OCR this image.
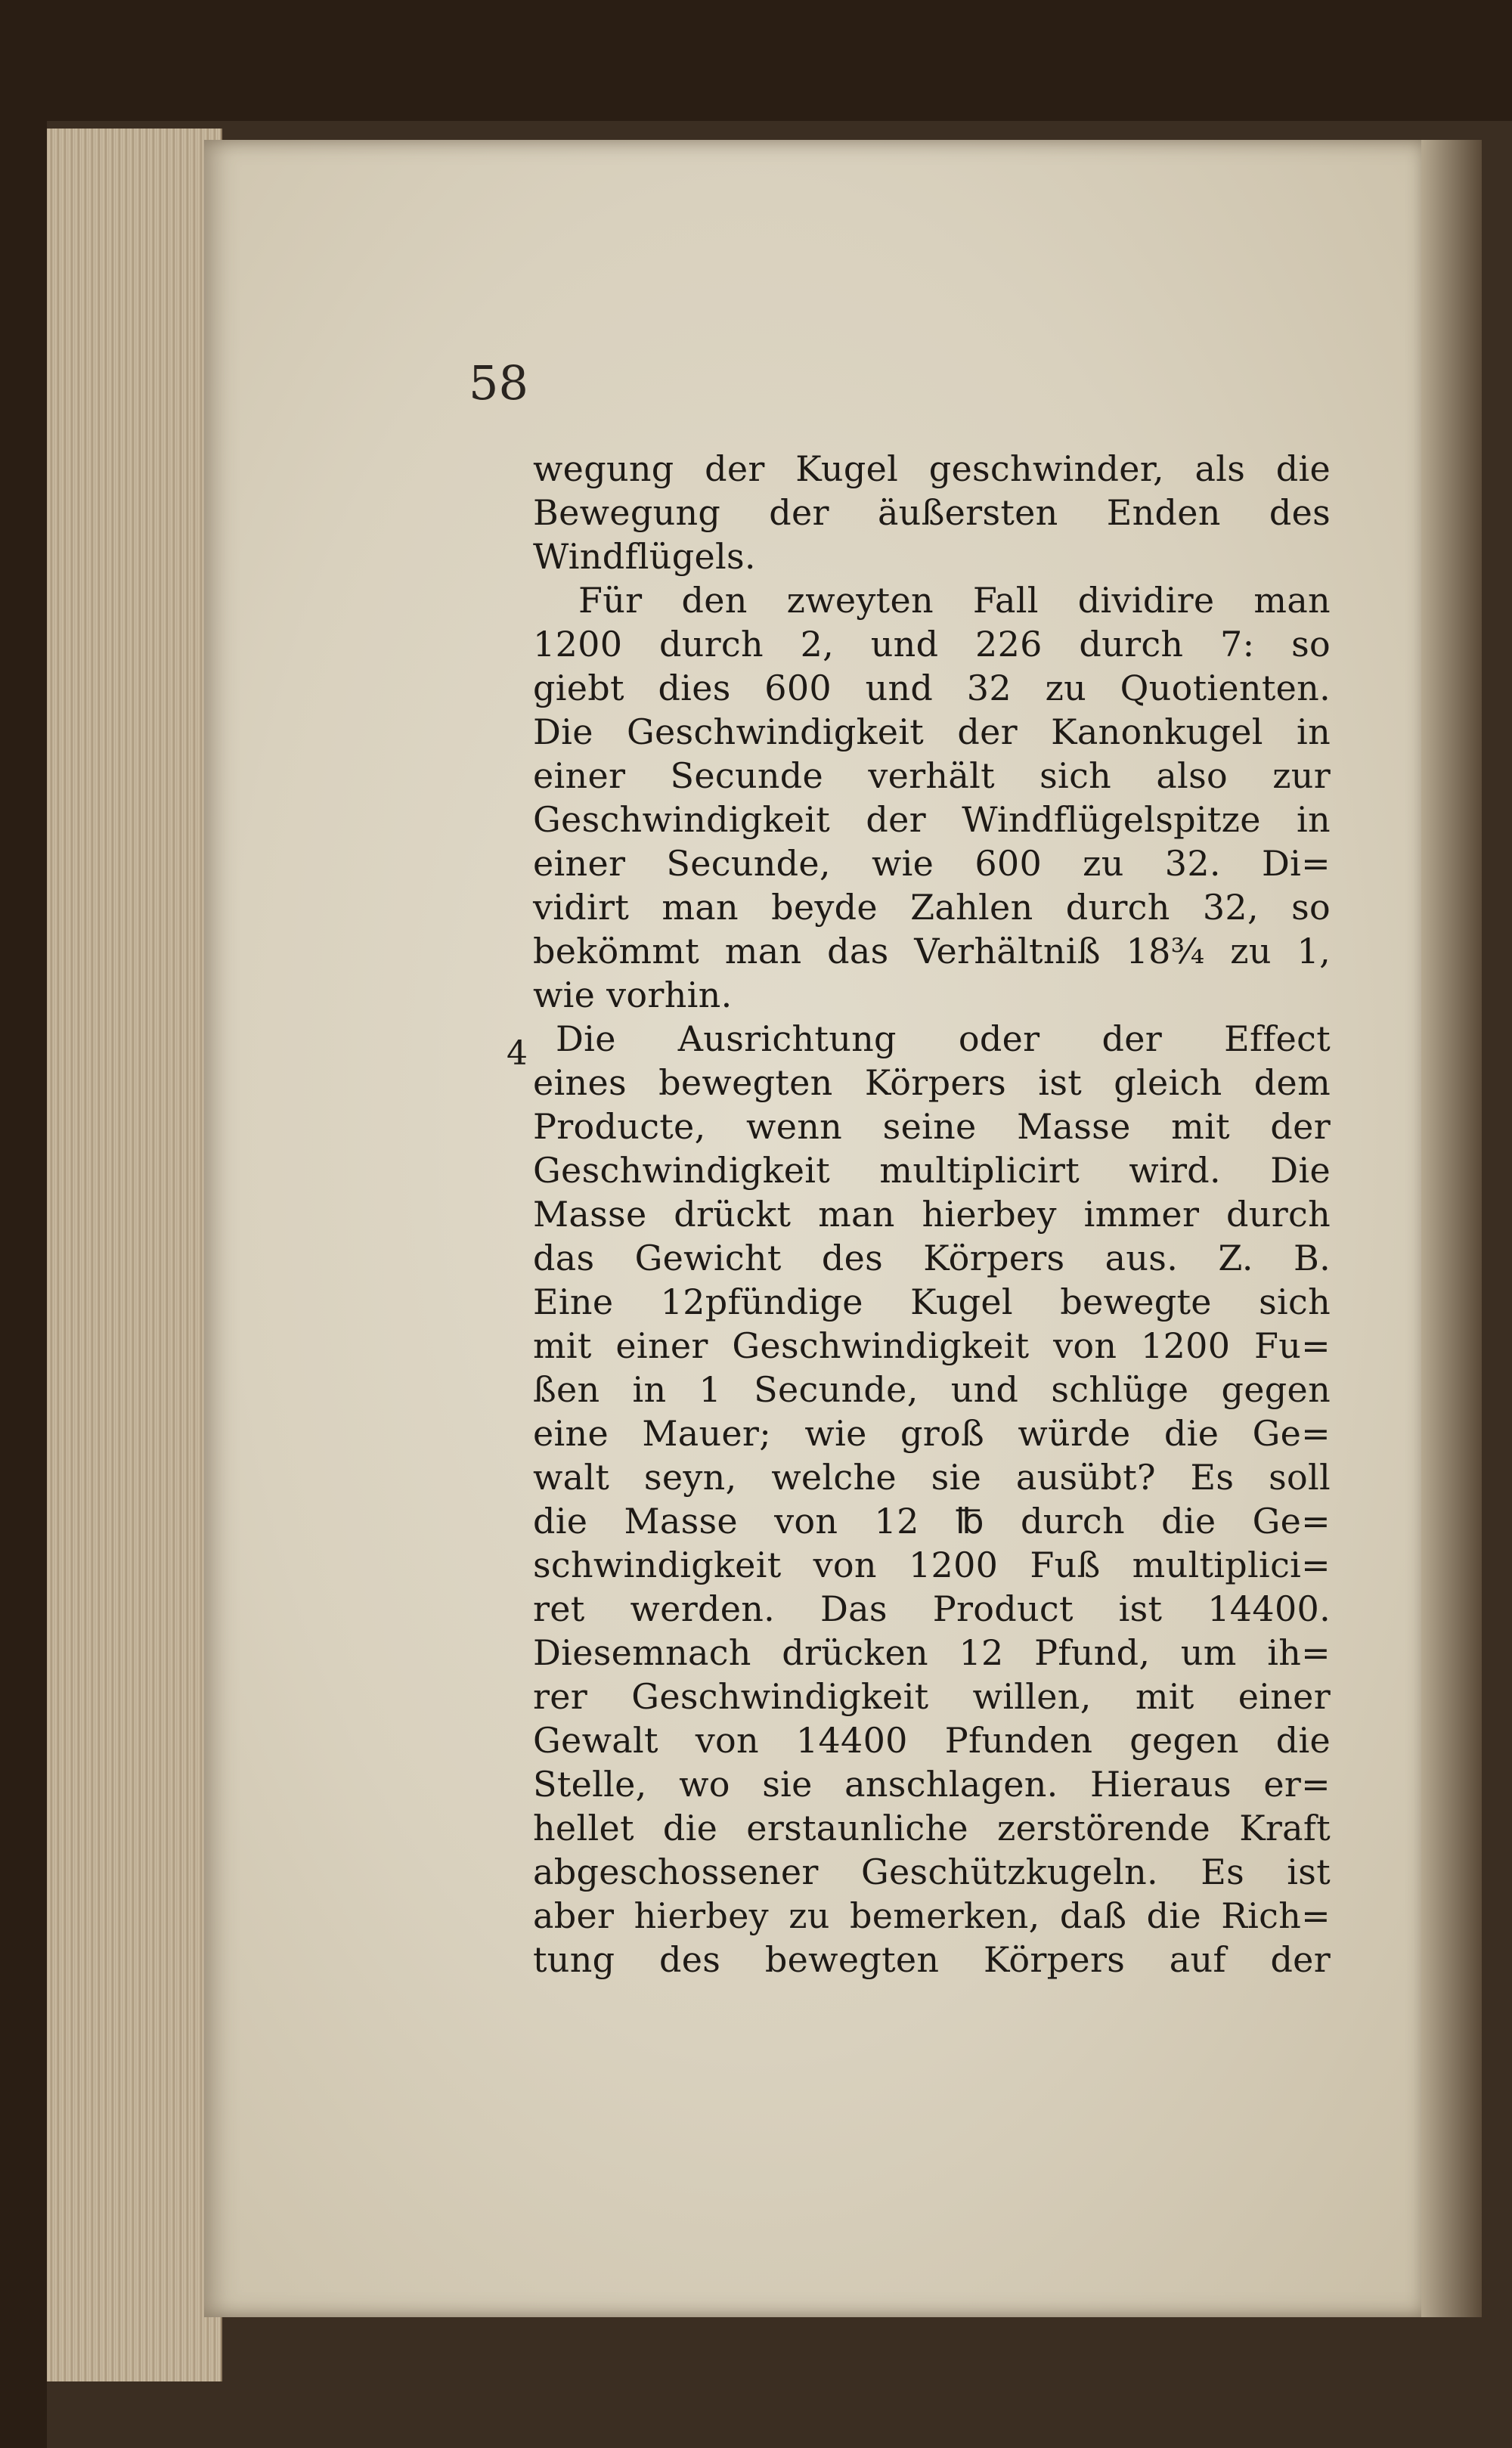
58
4
wegung der Kugel geschwinder, als die
Bewegung der äußersten Enden des
Windflügels.
Für den zweyten Fall dividire man
1200 durch 2, und 226 durch 7: so
giebt dies 600 und 32 zu Quotienten.
Die Geschwindigkeit der Kanonkugel in
einer Secunde verhält sich also zur
Geschwindigkeit der Windflügelspitze in
einer Secunde, wie 600 zu 32. Di=
vidirt man beyde Zahlen durch 32, so
bekömmt man das Verhältniß 18¾ zu 1,
wie vorhin.
Die Ausrichtung oder der Effect
eines bewegten Körpers ist gleich dem
Producte, wenn seine Masse mit der
Geschwindigkeit multiplicirt wird. Die
Masse drückt man hierbey immer durch
das Gewicht des Körpers aus. Z. B.
Eine 12pfündige Kugel bewegte sich
mit einer Geschwindigkeit von 1200 Fu=
ßen in 1 Secunde, und schlüge gegen
eine Mauer; wie groß würde die Ge=
walt seyn, welche sie ausübt? Es soll
die Masse von 12 ℔ durch die Ge=
schwindigkeit von 1200 Fuß multiplici=
ret werden. Das Product ist 14400.
Diesemnach drücken 12 Pfund, um ih=
rer Geschwindigkeit willen, mit einer
Gewalt von 14400 Pfunden gegen die
Stelle, wo sie anschlagen. Hieraus er=
hellet die erstaunliche zerstörende Kraft
abgeschossener Geschützkugeln. Es ist
aber hierbey zu bemerken, daß die Rich=
tung des bewegten Körpers auf der
